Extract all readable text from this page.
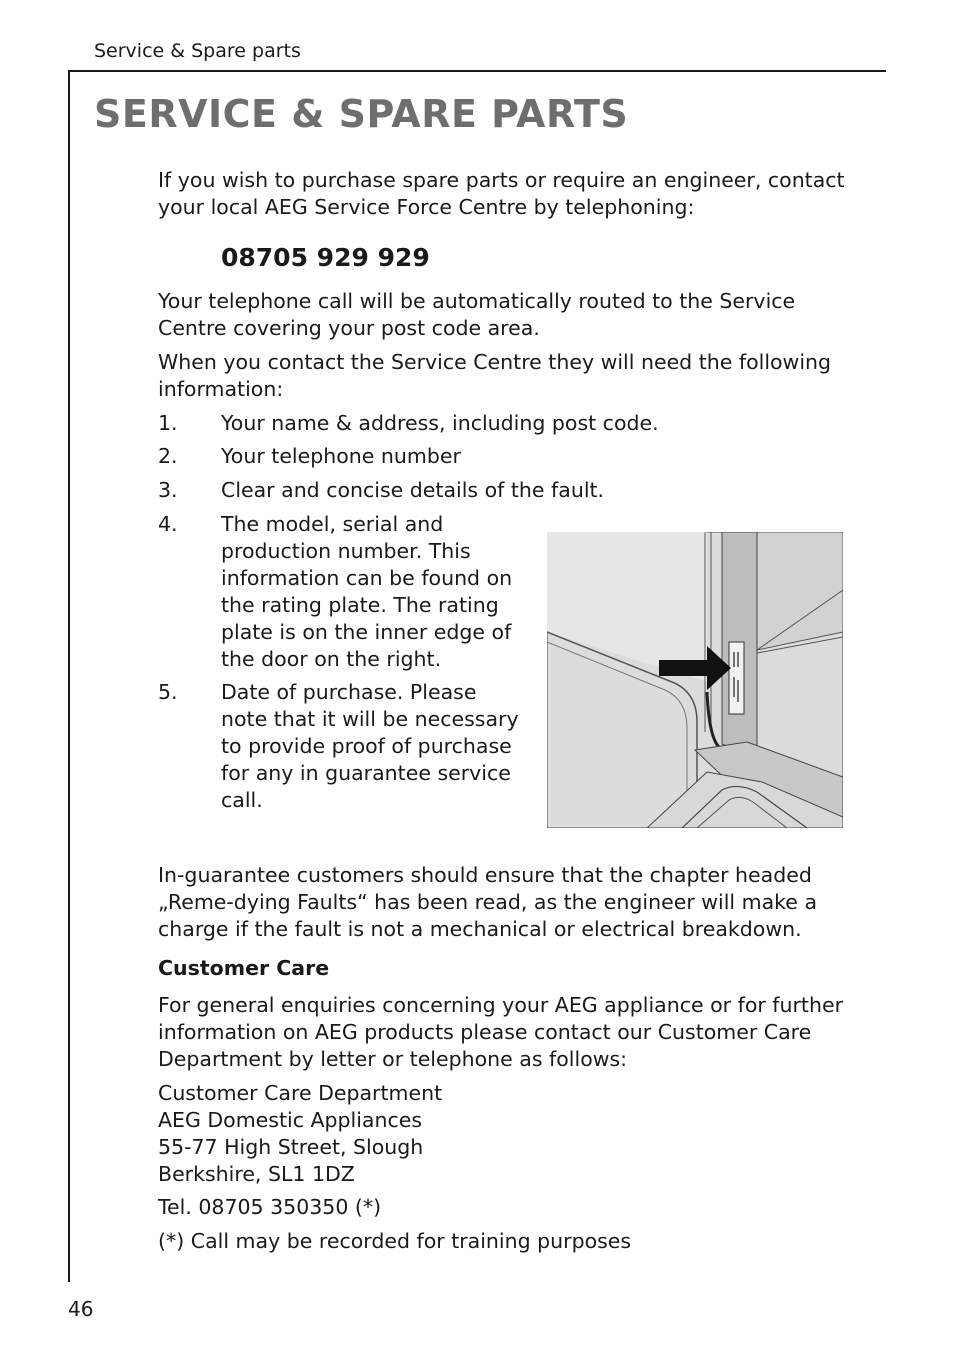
Service & Spare parts
SERVICE & SPARE PARTS

If you wish to purchase spare parts or require an engineer, contact your local AEG Service Force Centre by telephoning:

08705 929 929

Your telephone call will be automatically routed to the Service Centre covering your post code area.

When you contact the Service Centre they will need the following information:

1. Your name & address, including post code.
2. Your telephone number
3. Clear and concise details of the fault.
4. The model, serial and production number. This information can be found on the rating plate. The rating plate is on the inner edge of the door on the right.
5. Date of purchase. Please note that it will be necessary to provide proof of purchase for any in guarantee service call.

In-guarantee customers should ensure that the chapter headed „Reme-dying Faults“ has been read, as the engineer will make a charge if the fault is not a mechanical or electrical breakdown.

Customer Care

For general enquiries concerning your AEG appliance or for further information on AEG products please contact our Customer Care Department by letter or telephone as follows:

Customer Care Department
AEG Domestic Appliances
55-77 High Street, Slough
Berkshire, SL1 1DZ

Tel. 08705 350350 (*)

(*) Call may be recorded for training purposes

46
